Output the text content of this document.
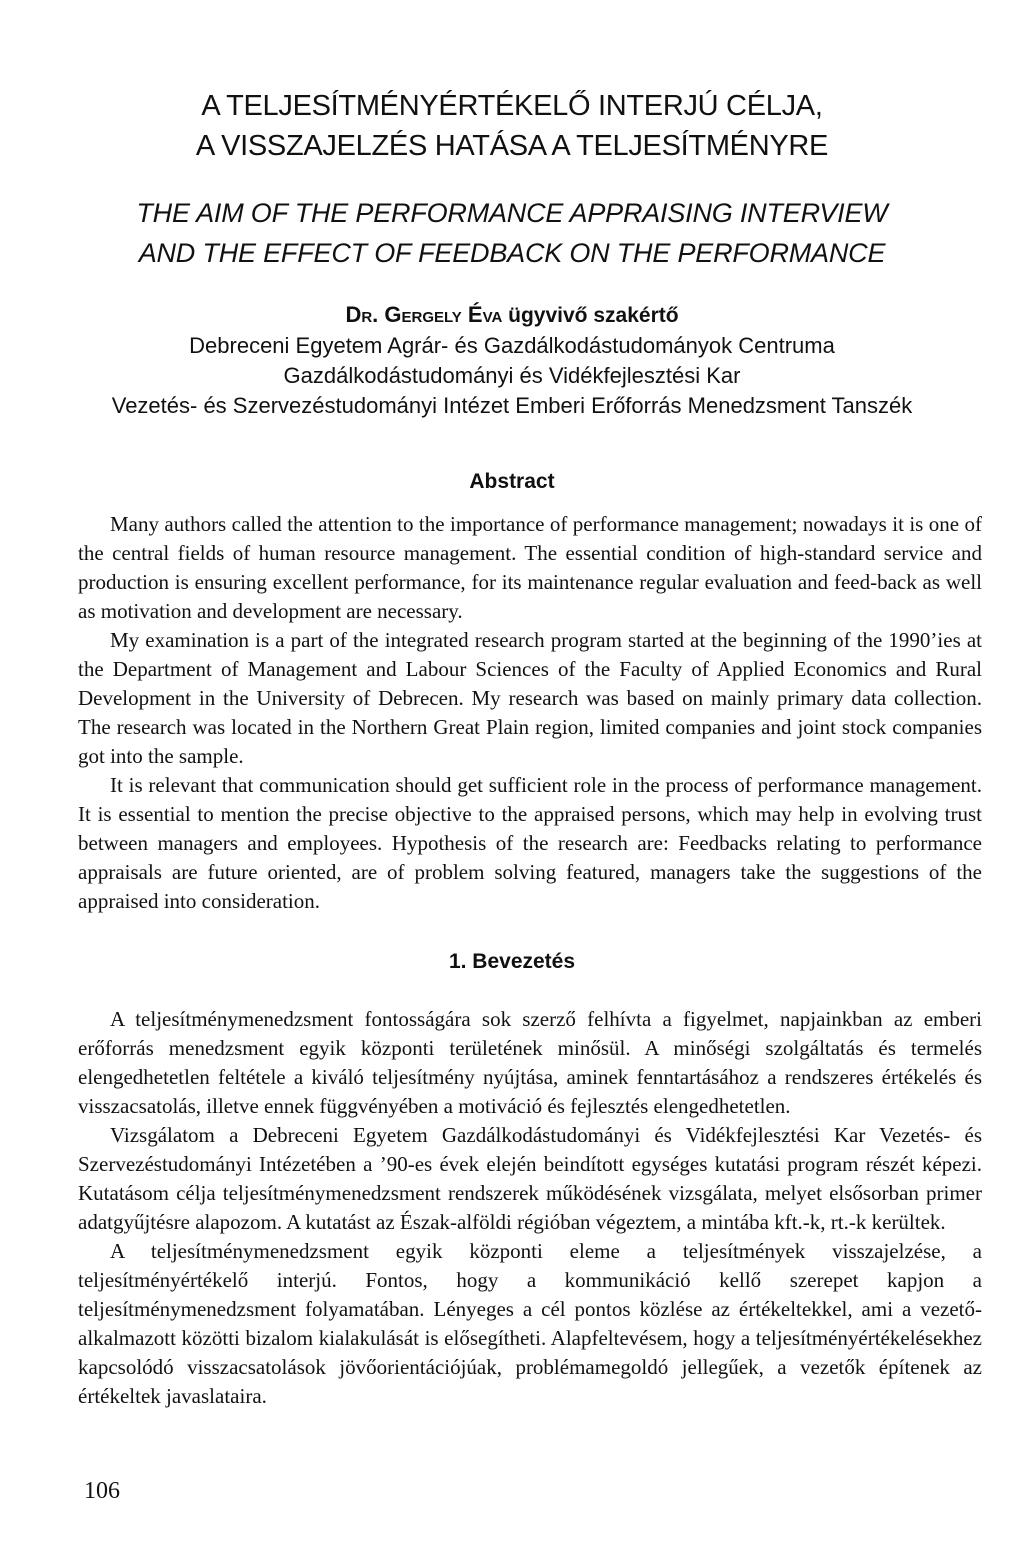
A TELJESÍTMÉNYÉRTÉKELŐ INTERJÚ CÉLJA,
A VISSZAJELZÉS HATÁSA A TELJESÍTMÉNYRE
THE AIM OF THE PERFORMANCE APPRAISING INTERVIEW
AND THE EFFECT OF FEEDBACK ON THE PERFORMANCE
Dr. Gergely Éva ügyvivő szakértő
Debreceni Egyetem Agrár- és Gazdálkodástudományok Centruma
Gazdálkodástudományi és Vidékfejlesztési Kar
Vezetés- és Szervezéstudományi Intézet Emberi Erőforrás Menedzsment Tanszék
Abstract

Many authors called the attention to the importance of performance management; nowadays it is one of the central fields of human resource management. The essential condition of high-standard service and production is ensuring excellent performance, for its maintenance regular evaluation and feed-back as well as motivation and development are necessary.

My examination is a part of the integrated research program started at the beginning of the 1990’ies at the Department of Management and Labour Sciences of the Faculty of Applied Economics and Rural Development in the University of Debrecen. My research was based on mainly primary data collection. The research was located in the Northern Great Plain region, limited companies and joint stock companies got into the sample.

It is relevant that communication should get sufficient role in the process of performance management. It is essential to mention the precise objective to the appraised persons, which may help in evolving trust between managers and employees. Hypothesis of the research are: Feedbacks relating to performance appraisals are future oriented, are of problem solving featured, managers take the suggestions of the appraised into consideration.

1. Bevezetés

A teljesítménymenedzsment fontosságára sok szerző felhívta a figyelmet, napjainkban az emberi erőforrás menedzsment egyik központi területének minősül. A minőségi szolgáltatás és termelés elengedhetetlen feltétele a kiváló teljesítmény nyújtása, aminek fenntartásához a rendszeres értékelés és visszacsatolás, illetve ennek függvényében a motiváció és fejlesztés elengedhetetlen.

Vizsgálatom a Debreceni Egyetem Gazdálkodástudományi és Vidékfejlesztési Kar Vezetés- és Szervezéstudományi Intézetében a ’90-es évek elején beindított egységes kutatási program részét képezi. Kutatásom célja teljesítménymenedzsment rendszerek működésének vizsgálata, melyet elsősorban primer adatgyűjtésre alapozom. A kutatást az Észak-alföldi régióban végeztem, a mintába kft.-k, rt.-k kerültek.

A teljesítménymenedzsment egyik központi eleme a teljesítmények visszajelzése, a teljesítményértékelő interjú. Fontos, hogy a kommunikáció kellő szerepet kapjon a teljesítménymenedzsment folyamatában. Lényeges a cél pontos közlése az értékeltekkel, ami a vezető-alkalmazott közötti bizalom kialakulását is elősegítheti. Alapfeltevésem, hogy a teljesítményértékelésekhez kapcsolódó visszacsatolások jövőorientációjúak, problémamegoldó jellegűek, a vezetők építenek az értékeltek javaslataira.

106
